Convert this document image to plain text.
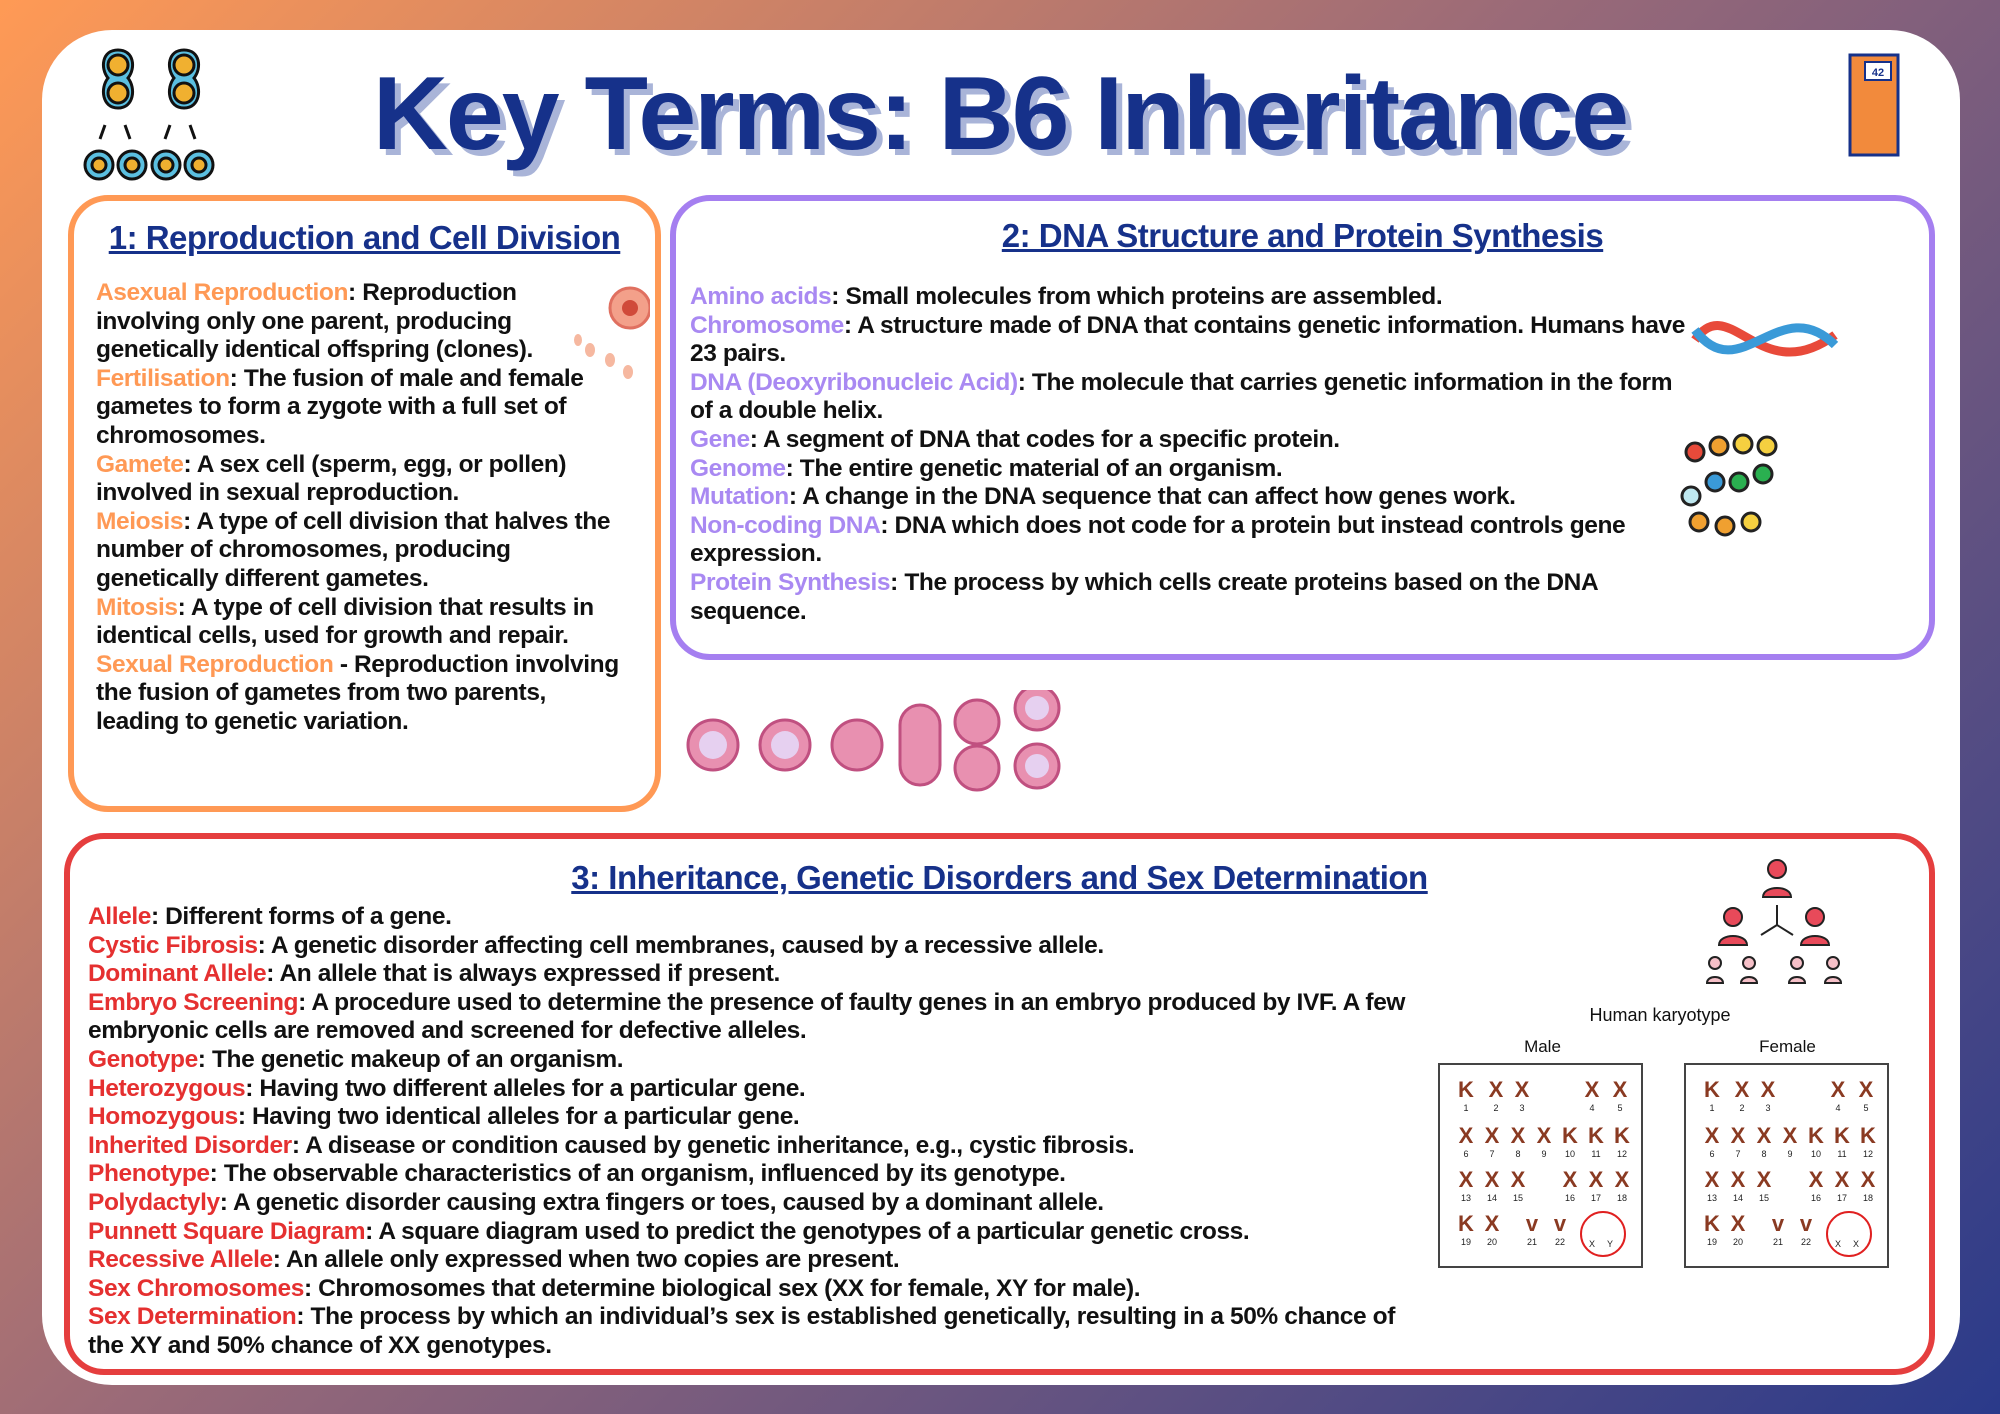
Key Terms: B6 Inheritance	42
1: Reproduction and Cell Division
Asexual Reproduction: Reproduction involving only one parent, producing genetically identical offspring (clones).
Fertilisation: The fusion of male and female gametes to form a zygote with a full set of chromosomes.
Gamete: A sex cell (sperm, egg, or pollen) involved in sexual reproduction.
Meiosis: A type of cell division that halves the number of chromosomes, producing genetically different gametes.
Mitosis: A type of cell division that results in identical cells, used for growth and repair.
Sexual Reproduction - Reproduction involving the fusion of gametes from two parents, leading to genetic variation.
2: DNA Structure and Protein Synthesis
Amino acids: Small molecules from which proteins are assembled.
Chromosome: A structure made of DNA that contains genetic information. Humans have 23 pairs.
DNA (Deoxyribonucleic Acid): The molecule that carries genetic information in the form of a double helix.
Gene: A segment of DNA that codes for a specific protein.
Genome: The entire genetic material of an organism.
Mutation: A change in the DNA sequence that can affect how genes work.
Non-coding DNA: DNA which does not code for a protein but instead controls gene expression.
Protein Synthesis: The process by which cells create proteins based on the DNA sequence.
3: Inheritance, Genetic Disorders and Sex Determination
Allele: Different forms of a gene.
Cystic Fibrosis: A genetic disorder affecting cell membranes, caused by a recessive allele.
Dominant Allele: An allele that is always expressed if present.
Embryo Screening: A procedure used to determine the presence of faulty genes in an embryo produced by IVF. A few embryonic cells are removed and screened for defective alleles.
Genotype: The genetic makeup of an organism.
Heterozygous: Having two different alleles for a particular gene.
Homozygous: Having two identical alleles for a particular gene.
Inherited Disorder: A disease or condition caused by genetic inheritance, e.g., cystic fibrosis.
Phenotype: The observable characteristics of an organism, influenced by its genotype.
Polydactyly: A genetic disorder causing extra fingers or toes, caused by a dominant allele.
Punnett Square Diagram: A square diagram used to predict the genotypes of a particular genetic cross.
Recessive Allele: An allele only expressed when two copies are present.
Sex Chromosomes: Chromosomes that determine biological sex (XX for female, XY for male).
Sex Determination: The process by which an individual’s sex is established genetically, resulting in a 50% chance of the XY and 50% chance of XX genotypes.
Human karyotype
Male	Female
K
1
X
2
X
3
X
4
X
5
X
6
X
7
X
8
X
9
K
10
K
11
K
12
X
13
X
14
X
15
X
16
X
17
X
18
K
19
X
20
v
21
v
22	X	Y
K
1
X
2
X
3
X
4
X
5
X
6
X
7
X
8
X
9
K
10
K
11
K
12
X
13
X
14
X
15
X
16
X
17
X
18
K
19
X
20
v
21
v
22	X	X
